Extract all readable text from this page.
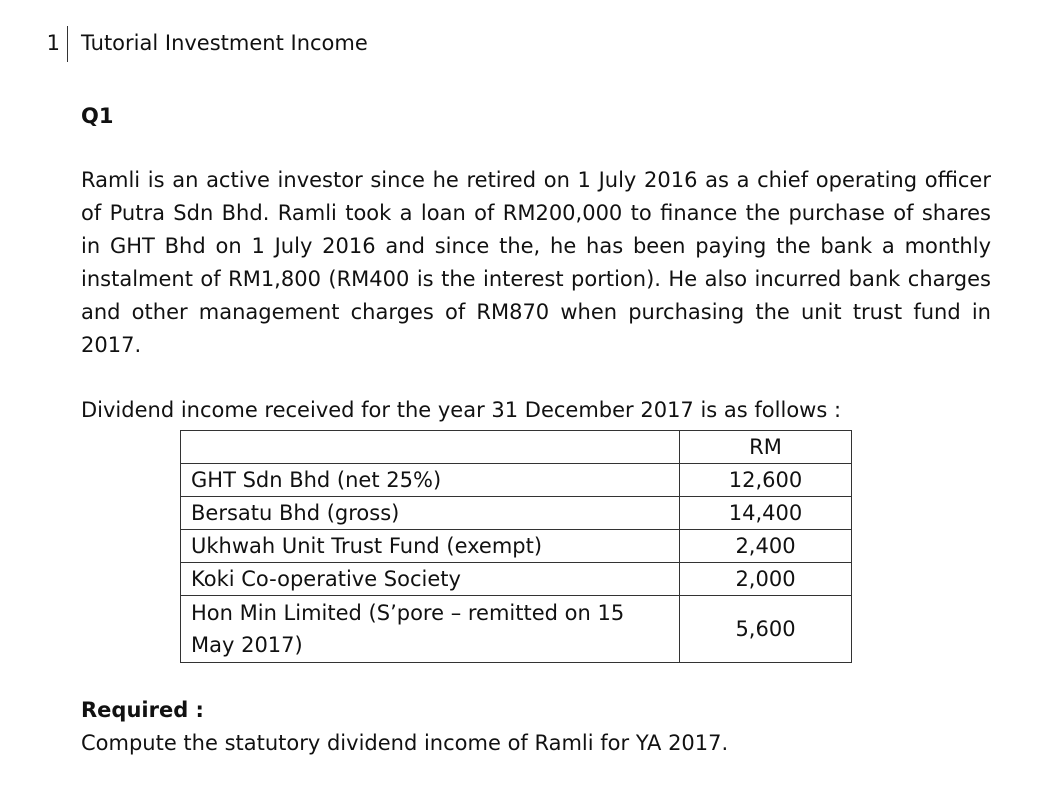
1	Tutorial Investment Income
Q1
Ramli is an active investor since he retired on 1 July 2016 as a chief operating officer of Putra Sdn Bhd. Ramli took a loan of RM200,000 to finance the purchase of shares in GHT Bhd on 1 July 2016 and since the, he has been paying the bank a monthly instalment of RM1,800 (RM400 is the interest portion). He also incurred bank charges and other management charges of RM870 when purchasing the unit trust fund in 2017.
Dividend income received for the year 31 December 2017 is as follows :
	RM
GHT Sdn Bhd (net 25%)	12,600
Bersatu Bhd (gross)	14,400
Ukhwah Unit Trust Fund (exempt)	2,400
Koki Co-operative Society	2,000
Hon Min Limited (S’pore – remitted on 15 May 2017)	5,600
Required :
Compute the statutory dividend income of Ramli for YA 2017.
